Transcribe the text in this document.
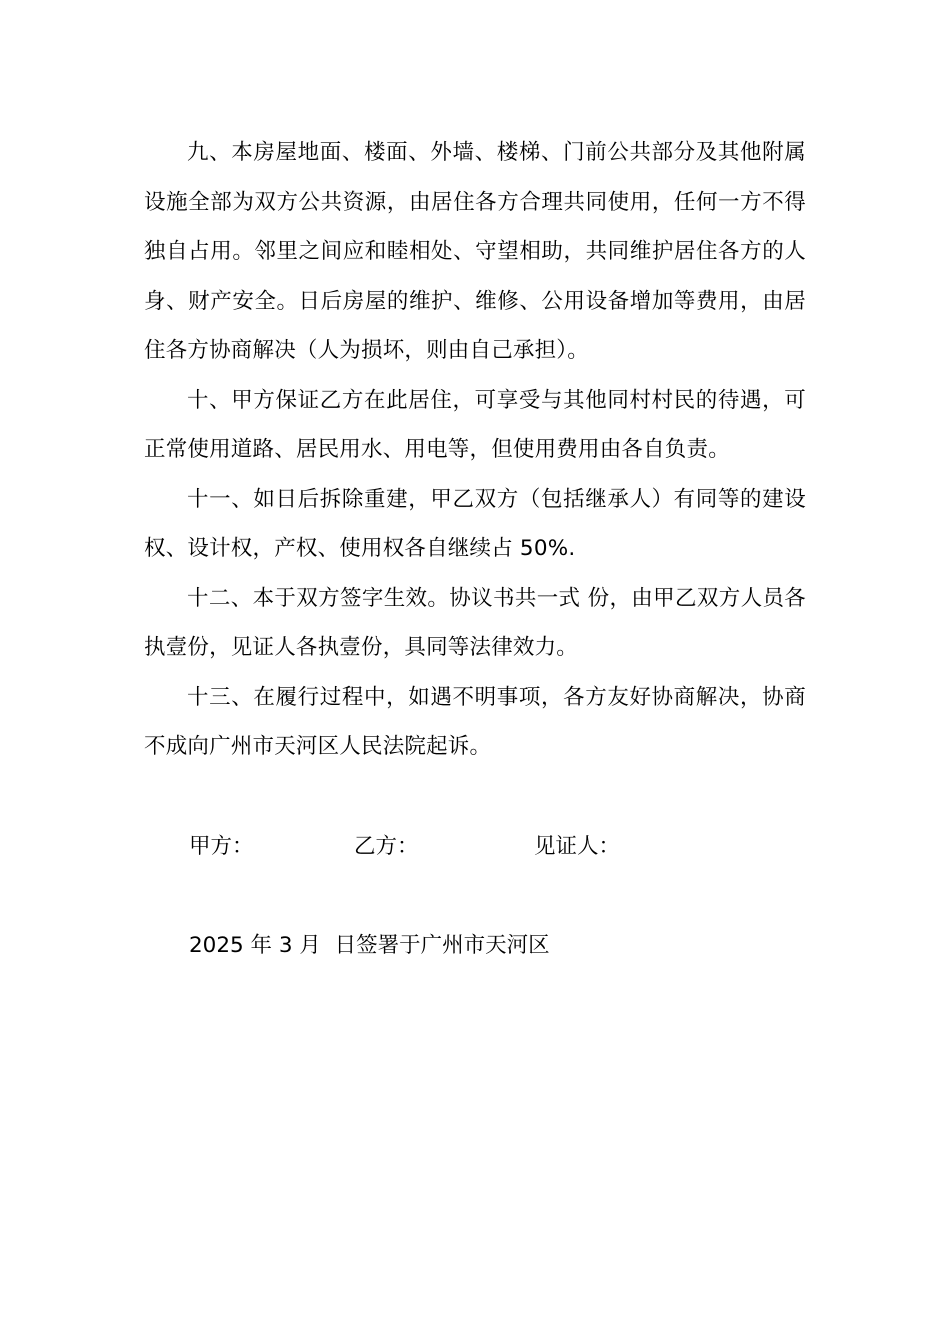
九、本房屋地面、楼面、外墙、楼梯、门前公共部分及其他附属设施全部为双方公共资源，由居住各方合理共同使用，任何一方不得独自占用。邻里之间应和睦相处、守望相助，共同维护居住各方的人身、财产安全。日后房屋的维护、维修、公用设备增加等费用，由居住各方协商解决（人为损坏，则由自己承担）。

十、甲方保证乙方在此居住，可享受与其他同村村民的待遇，可正常使用道路、居民用水、用电等，但使用费用由各自负责。

十一、如日后拆除重建，甲乙双方（包括继承人）有同等的建设权、设计权，产权、使用权各自继续占 50%.

十二、本于双方签字生效。协议书共一式 份，由甲乙双方人员各执壹份，见证人各执壹份，具同等法律效力。

十三、在履行过程中，如遇不明事项，各方友好协商解决，协商不成向广州市天河区人民法院起诉。

甲方：	乙方：	见证人：
2025 年 3 月  日签署于广州市天河区
